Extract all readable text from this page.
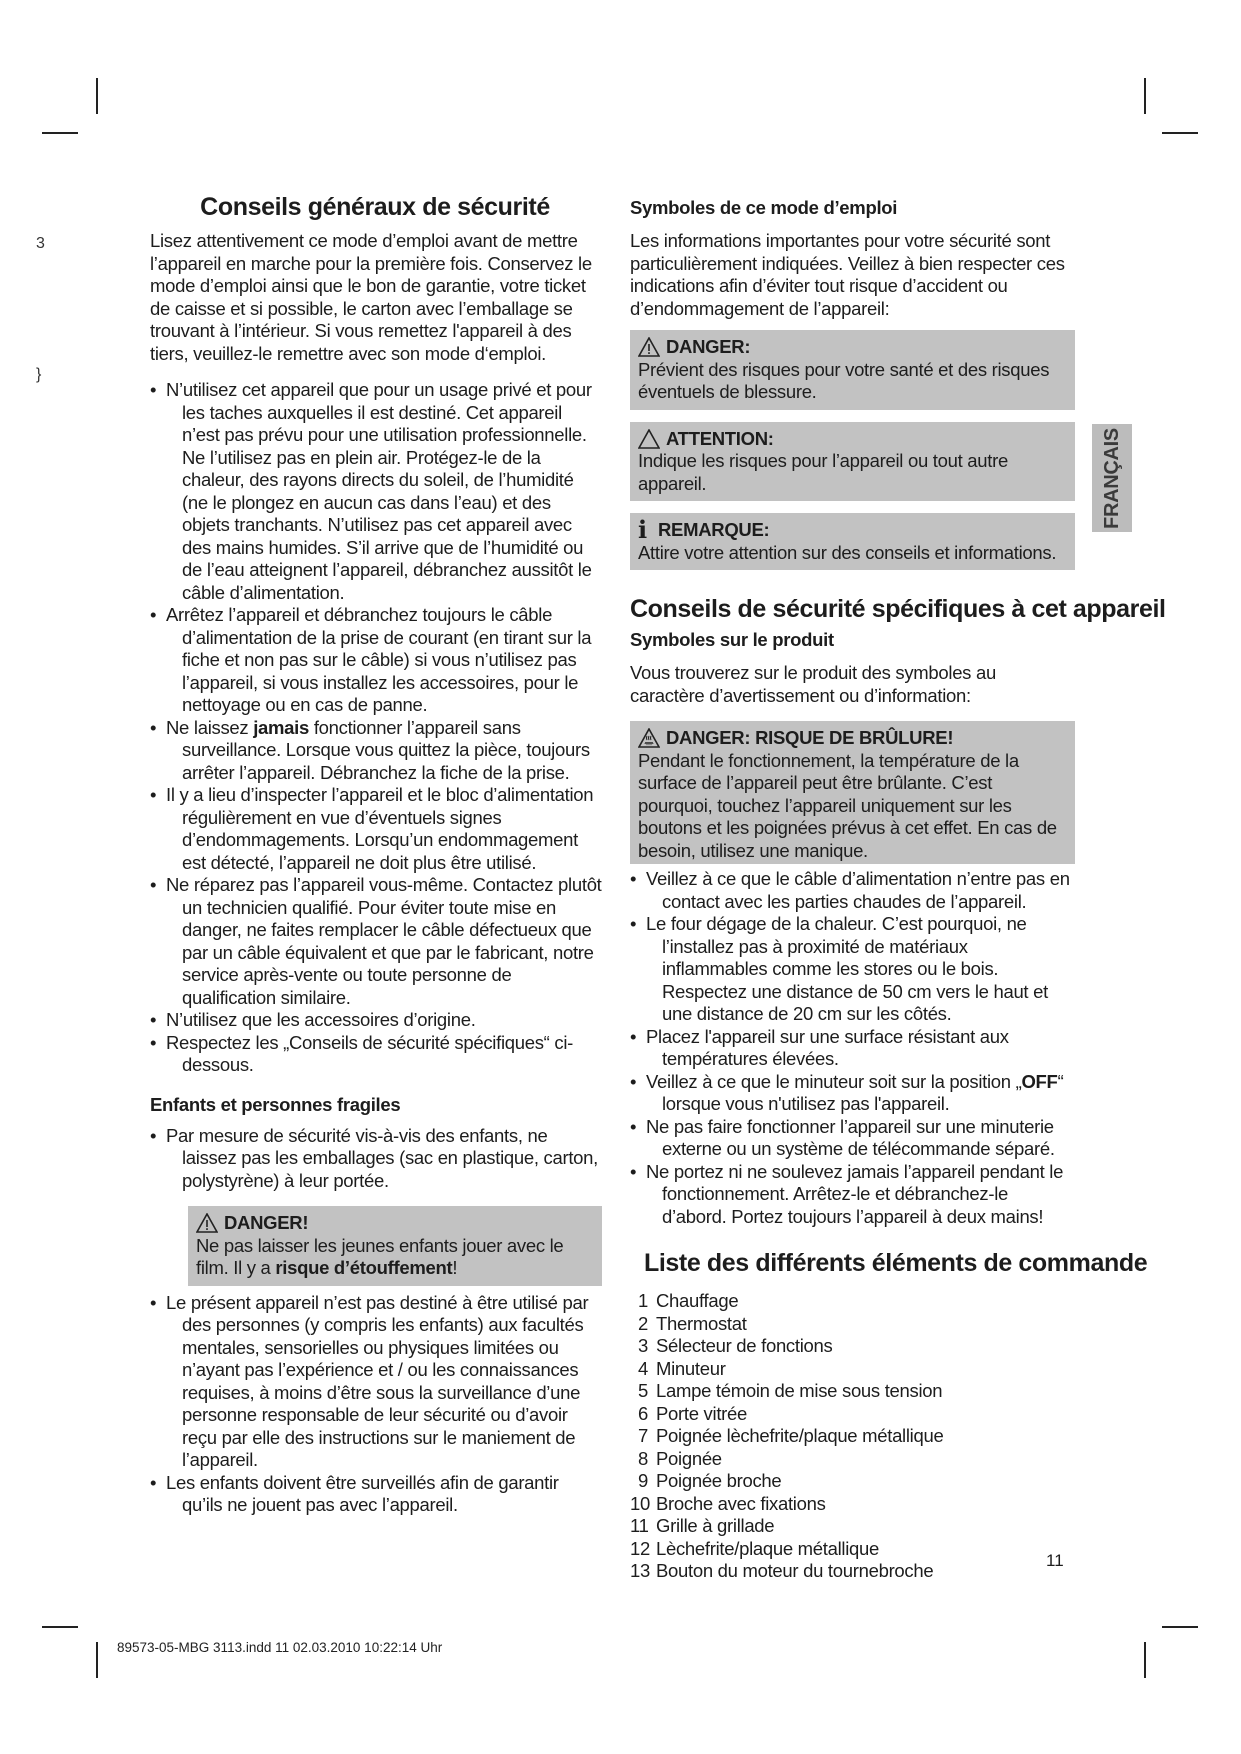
3
}
Conseils généraux de sécurité

Lisez attentivement ce mode d’emploi avant de mettre l’appareil en marche pour la première fois. Conservez le mode d’emploi ainsi que le bon de garantie, votre ticket de caisse et si possible, le carton avec l’emballage se trouvant à l’intérieur. Si vous remettez l'appareil à des tiers, veuillez-le remettre avec son mode d‘emploi.

• N’utilisez cet appareil que pour un usage privé et pour les taches auxquelles il est destiné. Cet appareil n’est pas prévu pour une utilisation professionnelle. Ne l’utilisez pas en plein air. Protégez-le de la chaleur, des rayons directs du soleil, de l’humidité (ne le plongez en aucun cas dans l’eau) et des objets tranchants. N’utilisez pas cet appareil avec des mains humides. S’il arrive que de l’humidité ou de l’eau atteignent l’appareil, débranchez aussitôt le câble d’alimentation.
• Arrêtez l’appareil et débranchez toujours le câble d’alimentation de la prise de courant (en tirant sur la fiche et non pas sur le câble) si vous n’utilisez pas l’appareil, si vous installez les accessoires, pour le nettoyage ou en cas de panne.
• Ne laissez jamais fonctionner l’appareil sans surveillance. Lorsque vous quittez la pièce, toujours arrêter l’appareil. Débranchez la fiche de la prise.
• Il y a lieu d’inspecter l’appareil et le bloc d’alimentation régulièrement en vue d’éventuels signes d’endommagements. Lorsqu’un endommagement est détecté, l’appareil ne doit plus être utilisé.
• Ne réparez pas l’appareil vous-même. Contactez plutôt un technicien qualifié. Pour éviter toute mise en danger, ne faites remplacer le câble défectueux que par un câble équivalent et que par le fabricant, notre service après-vente ou toute personne de qualification similaire.
• N’utilisez que les accessoires d’origine.
• Respectez les „Conseils de sécurité spécifiques“ ci-dessous.
Enfants et personnes fragiles
• Par mesure de sécurité vis-à-vis des enfants, ne laissez pas les emballages (sac en plastique, carton, polystyrène) à leur portée.
DANGER!

Ne pas laisser les jeunes enfants jouer avec le film. Il y a risque d’étouffement!

• Le présent appareil n’est pas destiné à être utilisé par des personnes (y compris les enfants) aux facultés mentales, sensorielles ou physiques limitées ou n’ayant pas l’expérience et / ou les connaissances requises, à moins d’être sous la surveillance d’une personne responsable de leur sécurité ou d’avoir reçu par elle des instructions sur le maniement de l’appareil.
• Les enfants doivent être surveillés afin de garantir qu’ils ne jouent pas avec l’appareil.
Symboles de ce mode d’emploi

Les informations importantes pour votre sécurité sont particulièrement indiquées. Veillez à bien respecter ces indications afin d’éviter tout risque d’accident ou d’endommagement de l’appareil:

DANGER:

Prévient des risques pour votre santé et des risques éventuels de blessure.

ATTENTION:

Indique les risques pour l’appareil ou tout autre appareil.

i REMARQUE:

Attire votre attention sur des conseils et informations.

Conseils de sécurité spécifiques à cet appareil
Symboles sur le produit

Vous trouverez sur le produit des symboles au caractère d’avertissement ou d’information:

DANGER: RISQUE DE BRÛLURE!

Pendant le fonctionnement, la température de la surface de l’appareil peut être brûlante. C’est pourquoi, touchez l’appareil uniquement sur les boutons et les poignées prévus à cet effet. En cas de besoin, utilisez une manique.

• Veillez à ce que le câble d’alimentation n’entre pas en contact avec les parties chaudes de l’appareil.
• Le four dégage de la chaleur. C’est pourquoi, ne l’installez pas à proximité de matériaux inflammables comme les stores ou le bois. Respectez une distance de 50 cm vers le haut et une distance de 20 cm sur les côtés.
• Placez l'appareil sur une surface résistant aux températures élevées.
• Veillez à ce que le minuteur soit sur la position „OFF“ lorsque vous n'utilisez pas l'appareil.
• Ne pas faire fonctionner l’appareil sur une minuterie externe ou un système de télécommande séparé.
• Ne portez ni ne soulevez jamais l’appareil pendant le fonctionnement. Arrêtez-le et débranchez-le d’abord. Portez toujours l’appareil à deux mains!
Liste des différents éléments de commande
1 Chauffage
2 Thermostat
3 Sélecteur de fonctions
4 Minuteur
5 Lampe témoin de mise sous tension
6 Porte vitrée
7 Poignée lèchefrite/plaque métallique
8 Poignée
9 Poignée broche
10 Broche avec fixations
11 Grille à grillade
12 Lèchefrite/plaque métallique
13 Bouton du moteur du tournebroche
FRANÇAIS
11
89573-05-MBG 3113.indd 11 02.03.2010 10:22:14 Uhr
